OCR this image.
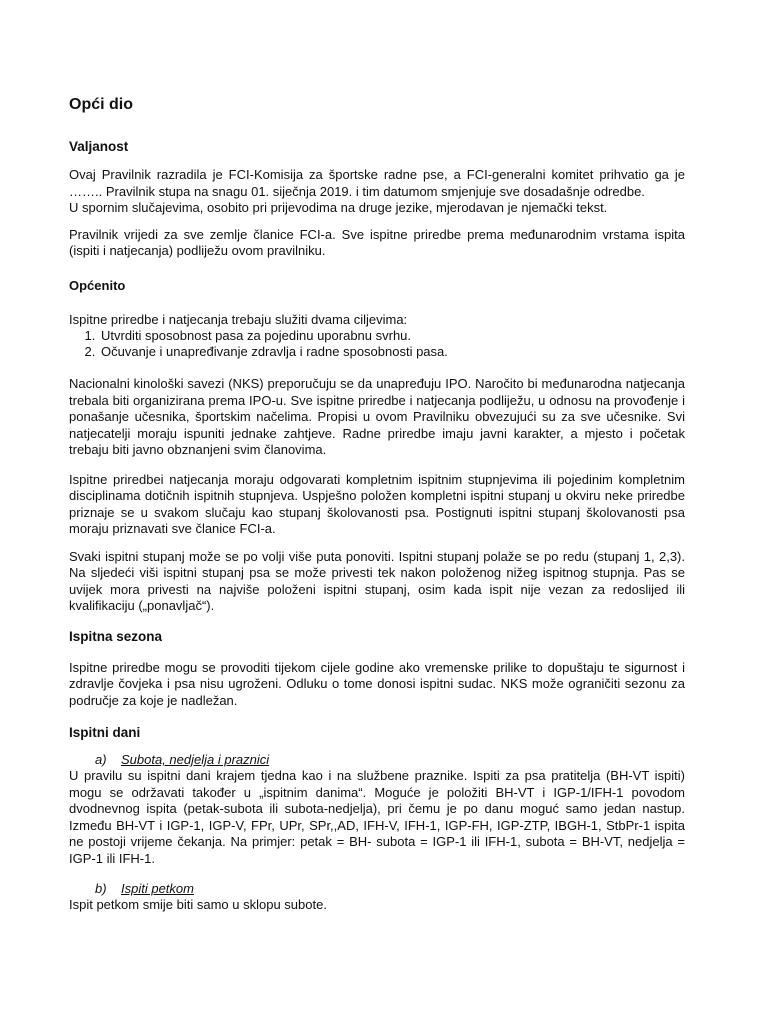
Opći dio
Valjanost

Ovaj Pravilnik razradila je FCI-Komisija za športske radne pse, a FCI-generalni komitet prihvatio ga je …….. Pravilnik stupa na snagu 01. siječnja 2019. i tim datumom smjenjuje sve dosadašnje odredbe.

U spornim slučajevima, osobito pri prijevodima na druge jezike, mjerodavan je njemački tekst.

Pravilnik vrijedi za sve zemlje članice FCI-a. Sve ispitne priredbe prema međunarodnim vrstama ispita (ispiti i natjecanja) podliježu ovom pravilniku.

Općenito

Ispitne priredbe i natjecanja trebaju služiti dvama ciljevima:

1. Utvrditi sposobnost pasa za pojedinu uporabnu svrhu.
2. Očuvanje i unapređivanje zdravlja i radne sposobnosti pasa.

Nacionalni kinološki savezi (NKS) preporučuju se da unapređuju IPO. Naročito bi međunarodna natjecanja trebala biti organizirana prema IPO-u. Sve ispitne priredbe i natjecanja podliježu, u odnosu na provođenje i ponašanje učesnika, športskim načelima. Propisi u ovom Pravilniku obvezujući su za sve učesnike. Svi natjecatelji moraju ispuniti jednake zahtjeve. Radne priredbe imaju javni karakter, a mjesto i početak trebaju biti javno obznanjeni svim članovima.

Ispitne priredbei natjecanja moraju odgovarati kompletnim ispitnim stupnjevima ili pojedinim kompletnim disciplinama dotičnih ispitnih stupnjeva. Uspješno položen kompletni ispitni stupanj u okviru neke priredbe priznaje se u svakom slučaju kao stupanj školovanosti psa. Postignuti ispitni stupanj školovanosti psa moraju priznavati sve članice FCI-a.

Svaki ispitni stupanj može se po volji više puta ponoviti. Ispitni stupanj polaže se po redu (stupanj 1, 2,3). Na sljedeći viši ispitni stupanj psa se može privesti tek nakon položenog nižeg ispitnog stupnja. Pas se uvijek mora privesti na najviše položeni ispitni stupanj, osim kada ispit nije vezan za redoslijed ili kvalifikaciju („ponavljač“).

Ispitna sezona

Ispitne priredbe mogu se provoditi tijekom cijele godine ako vremenske prilike to dopuštaju te sigurnost i zdravlje čovjeka i psa nisu ugroženi. Odluku o tome donosi ispitni sudac. NKS može ograničiti sezonu za područje za koje je nadležan.

Ispitni dani

a) Subota, nedjelja i praznici

U pravilu su ispitni dani krajem tjedna kao i na službene praznike. Ispiti za psa pratitelja (BH-VT ispiti) mogu se održavati također u „ispitnim danima“. Moguće je položiti BH-VT i IGP-1/IFH-1 povodom dvodnevnog ispita (petak-subota ili subota-nedjelja), pri čemu je po danu moguć samo jedan nastup. Između BH-VT i IGP-1, IGP-V, FPr, UPr, SPr,,AD, IFH-V, IFH-1, IGP-FH, IGP-ZTP, IBGH-1, StbPr-1 ispita ne postoji vrijeme čekanja. Na primjer: petak = BH- subota = IGP-1 ili IFH-1, subota = BH-VT, nedjelja = IGP-1 ili IFH-1.

b) Ispiti petkom

Ispit petkom smije biti samo u sklopu subote.
